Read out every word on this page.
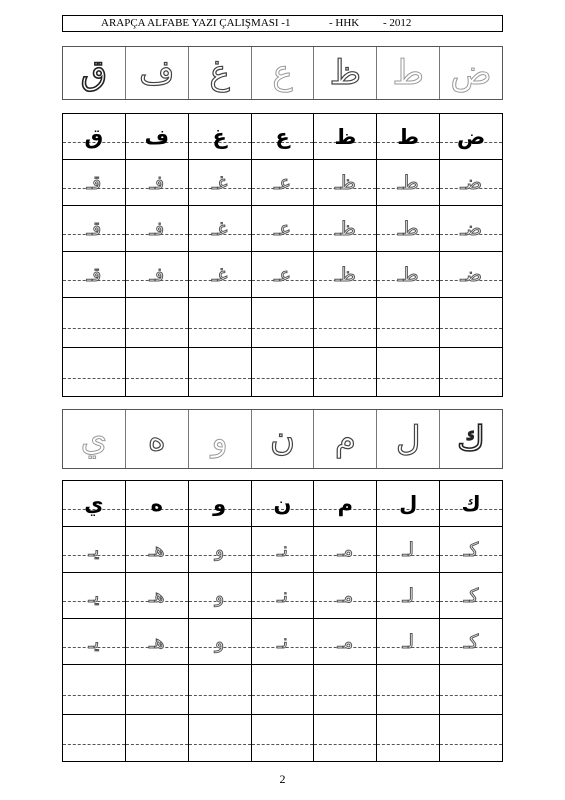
ARAPÇA ALFABE YAZI ÇALIŞMASI -1	- HHK - 2012
ض
ط
ظ
ع
غ
ف
ق
ض
ط
ظ
ع
غ
ف
ق
ضـ
طـ
ظـ
عـ
غـ
فـ
قـ
ضـ
طـ
ظـ
عـ
غـ
فـ
قـ
ضـ
طـ
ظـ
عـ
غـ
فـ
قـ
ك
ل
م
ن
و
ه
ي
ك
ل
م
ن
و
ه
ي
كـ
لـ
مـ
نـ
و
هـ
يـ
كـ
لـ
مـ
نـ
و
هـ
يـ
كـ
لـ
مـ
نـ
و
هـ
يـ
2
